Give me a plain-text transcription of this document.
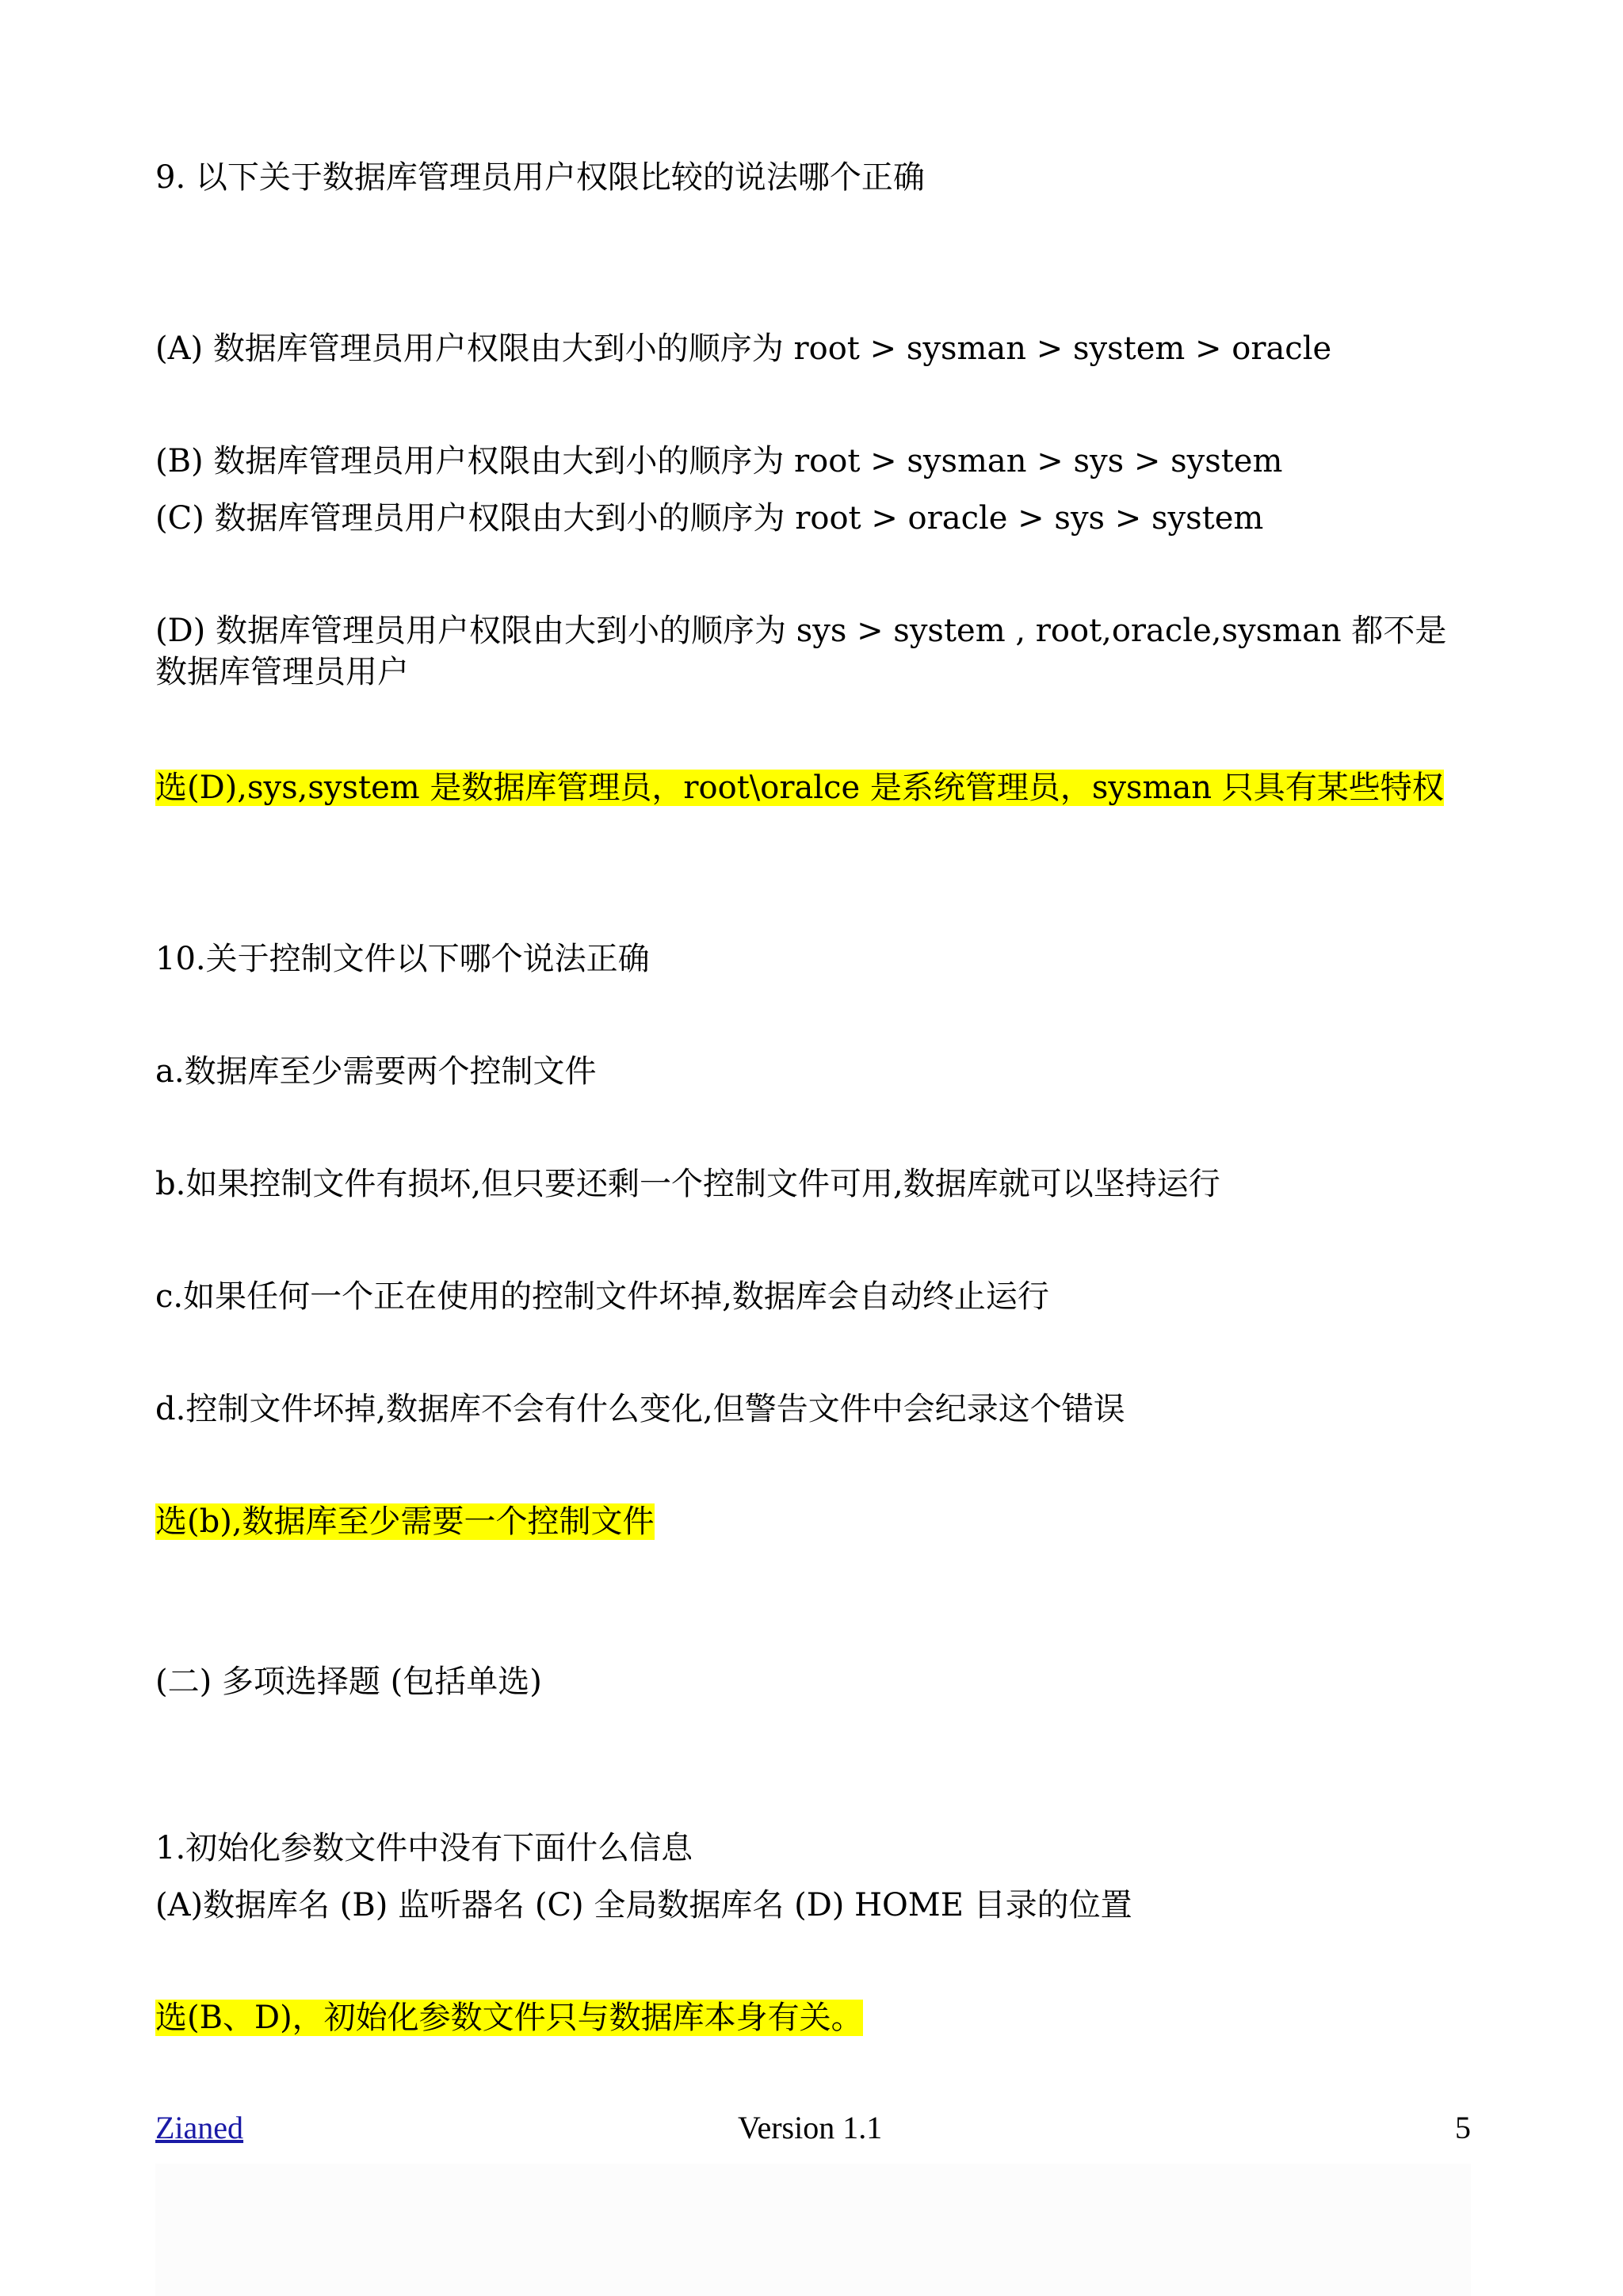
9. 以下关于数据库管理员用户权限比较的说法哪个正确
(A) 数据库管理员用户权限由大到小的顺序为 root > sysman > system > oracle
(B) 数据库管理员用户权限由大到小的顺序为 root > sysman > sys > system
(C) 数据库管理员用户权限由大到小的顺序为 root > oracle > sys > system
(D) 数据库管理员用户权限由大到小的顺序为 sys > system , root,oracle,sysman 都不是数据库管理员用户
选(D),sys,system 是数据库管理员，root\oralce 是系统管理员，sysman 只具有某些特权
10.关于控制文件以下哪个说法正确
a.数据库至少需要两个控制文件
b.如果控制文件有损坏,但只要还剩一个控制文件可用,数据库就可以坚持运行
c.如果任何一个正在使用的控制文件坏掉,数据库会自动终止运行
d.控制文件坏掉,数据库不会有什么变化,但警告文件中会纪录这个错误
选(b),数据库至少需要一个控制文件
(二) 多项选择题 (包括单选)
1.初始化参数文件中没有下面什么信息
(A)数据库名 (B) 监听器名 (C) 全局数据库名 (D) HOME 目录的位置
选(B、D)，初始化参数文件只与数据库本身有关。
Zianed	Version 1.1	5
